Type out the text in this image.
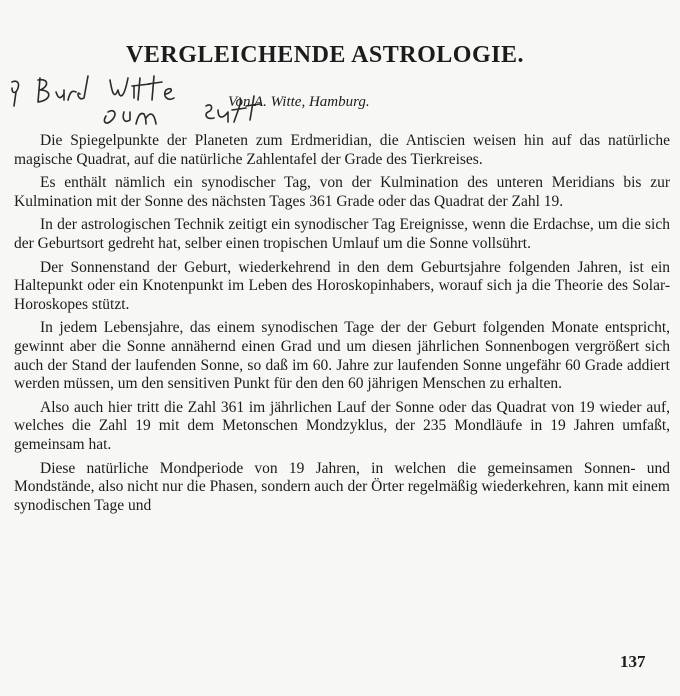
VERGLEICHENDE ASTROLOGIE.
Von A. Witte, Hamburg.

Die Spiegelpunkte der Planeten zum Erdmeridian, die Antiscien weisen hin auf das natürliche magische Quadrat, auf die natürliche Zahlentafel der Grade des Tierkreises.

Es enthält nämlich ein synodischer Tag, von der Kulmination des unteren Meridians bis zur Kulmination mit der Sonne des nächsten Tages 361 Grade oder das Quadrat der Zahl 19.

In der astrologischen Technik zeitigt ein synodischer Tag Ereignisse, wenn die Erdachse, um die sich der Geburtsort gedreht hat, selber einen tropischen Umlauf um die Sonne vollsührt.

Der Sonnenstand der Geburt, wiederkehrend in den dem Geburtsjahre folgenden Jahren, ist ein Haltepunkt oder ein Knotenpunkt im Leben des Horoskopinhabers, worauf sich ja die Theorie des Solar-Horoskopes stützt.

In jedem Lebensjahre, das einem synodischen Tage der der Geburt folgenden Monate entspricht, gewinnt aber die Sonne annähernd einen Grad und um diesen jährlichen Sonnenbogen vergrößert sich auch der Stand der laufenden Sonne, so daß im 60. Jahre zur laufenden Sonne ungefähr 60 Grade addiert werden müssen, um den sensitiven Punkt für den den 60 jährigen Menschen zu erhalten.

Also auch hier tritt die Zahl 361 im jährlichen Lauf der Sonne oder das Quadrat von 19 wieder auf, welches die Zahl 19 mit dem Metonschen Mondzyklus, der 235 Mondläufe in 19 Jahren umfaßt, gemeinsam hat.

Diese natürliche Mondperiode von 19 Jahren, in welchen die gemeinsamen Sonnen- und Mondstände, also nicht nur die Phasen, sondern auch der Örter regelmäßig wiederkehren, kann mit einem synodischen Tage und

137
